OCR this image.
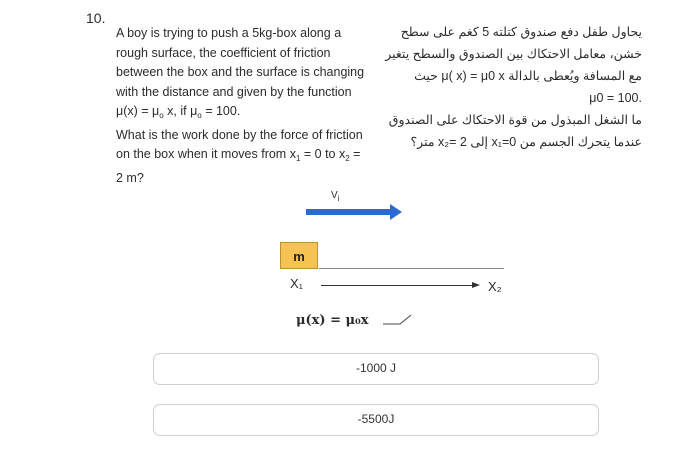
10.
A boy is trying to push a 5kg-box along a
rough surface, the coefficient of friction
between the box and the surface is changing
with the distance and given by the function
$\mu(x) = \mu_o$ x, if $\mu_o = 100$.
What is the work done by the force of friction
on the box when it moves from $x_1 = 0$ to $x_2$ =
2 m?
يحاول طفل دفع صندوق كتلته 5 كغم على سطح
خشن، معامل الاحتكاك بين الصندوق والسطح يتغير
مع المسافة ويُعطى بالدالة μ( x) = μ0 x حيث
.μ0 = 100
ما الشغل المبذول من قوة الاحتكاك على الصندوق
عندما يتحرك الجسم من x₁=0 إلى x₂= 2 متر؟
$V_i$
m
X₁	X₂
μ(x) = μ₀x
-1000 J
-5500J
